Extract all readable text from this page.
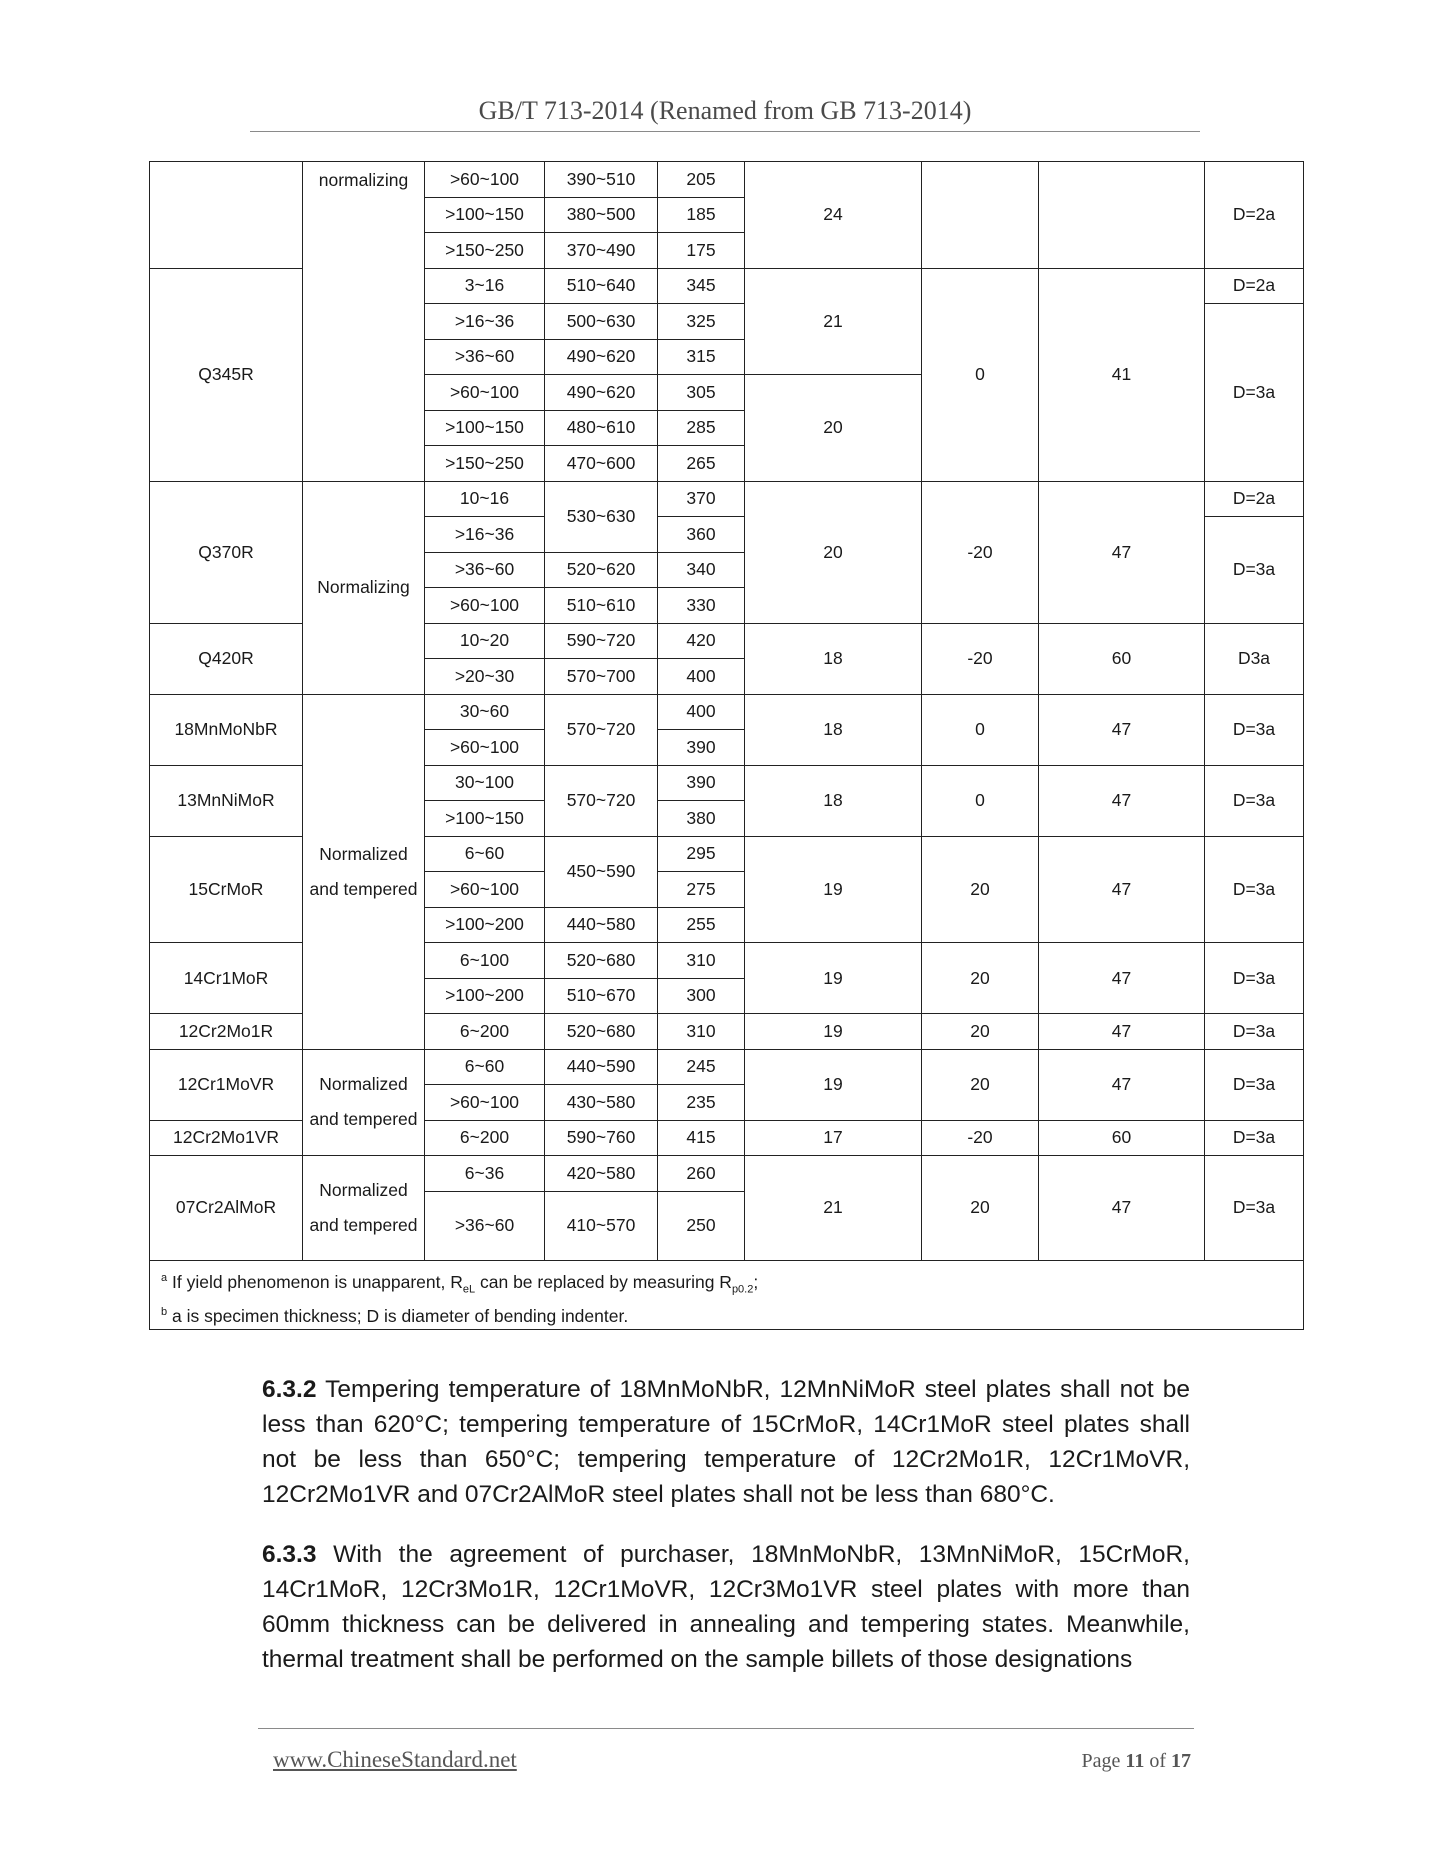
GB/T 713-2014 (Renamed from GB 713-2014)
	normalizing	>60~100	390~510	205	24			D=2a
		>100~150	380~500	185				
		>150~250	370~490	175				
Q345R		3~16	510~640	345	21	0	41	D=2a
		>16~36	500~630	325				D=3a
		>36~60	490~620	315				
		>60~100	490~620	305	20			
		>100~150	480~610	285				
		>150~250	470~600	265				
Q370R	Normalizing	10~16	530~630	370	20	-20	47	D=2a
		>16~36		360				D=3a
		>36~60	520~620	340				
		>60~100	510~610	330				
Q420R		10~20	590~720	420	18	-20	60	D3a
		>20~30	570~700	400				
18MnMoNbR	Normalized and tempered	30~60	570~720	400	18	0	47	D=3a
		>60~100		390				
13MnNiMoR		30~100	570~720	390	18	0	47	D=3a
		>100~150		380				
15CrMoR		6~60	450~590	295	19	20	47	D=3a
		>60~100		275				
		>100~200	440~580	255				
14Cr1MoR		6~100	520~680	310	19	20	47	D=3a
		>100~200	510~670	300				
12Cr2Mo1R		6~200	520~680	310	19	20	47	D=3a
12Cr1MoVR	Normalized and tempered	6~60	440~590	245	19	20	47	D=3a
		>60~100	430~580	235				
12Cr2Mo1VR		6~200	590~760	415	17	-20	60	D=3a
07Cr2AlMoR	Normalized and tempered	6~36	420~580	260	21	20	47	D=3a
		>36~60	410~570	250				

$^a$ If yield phenomenon is unapparent, $R_{eL}$ can be replaced by measuring $R_{p0.2}$;
$^b$ a is specimen thickness; D is diameter of bending indenter.								
6.3.2 Tempering temperature of 18MnMoNbR, 12MnNiMoR steel plates shall not be less than 620°C; tempering temperature of 15CrMoR, 14Cr1MoR steel plates shall not be less than 650°C; tempering temperature of 12Cr2Mo1R, 12Cr1MoVR, 12Cr2Mo1VR and 07Cr2AlMoR steel plates shall not be less than 680°C.
6.3.3 With the agreement of purchaser, 18MnMoNbR, 13MnNiMoR, 15CrMoR, 14Cr1MoR, 12Cr3Mo1R, 12Cr1MoVR, 12Cr3Mo1VR steel plates with more than 60mm thickness can be delivered in annealing and tempering states. Meanwhile, thermal treatment shall be performed on the sample billets of those designations
www.ChineseStandard.net	Page 11 of 17
